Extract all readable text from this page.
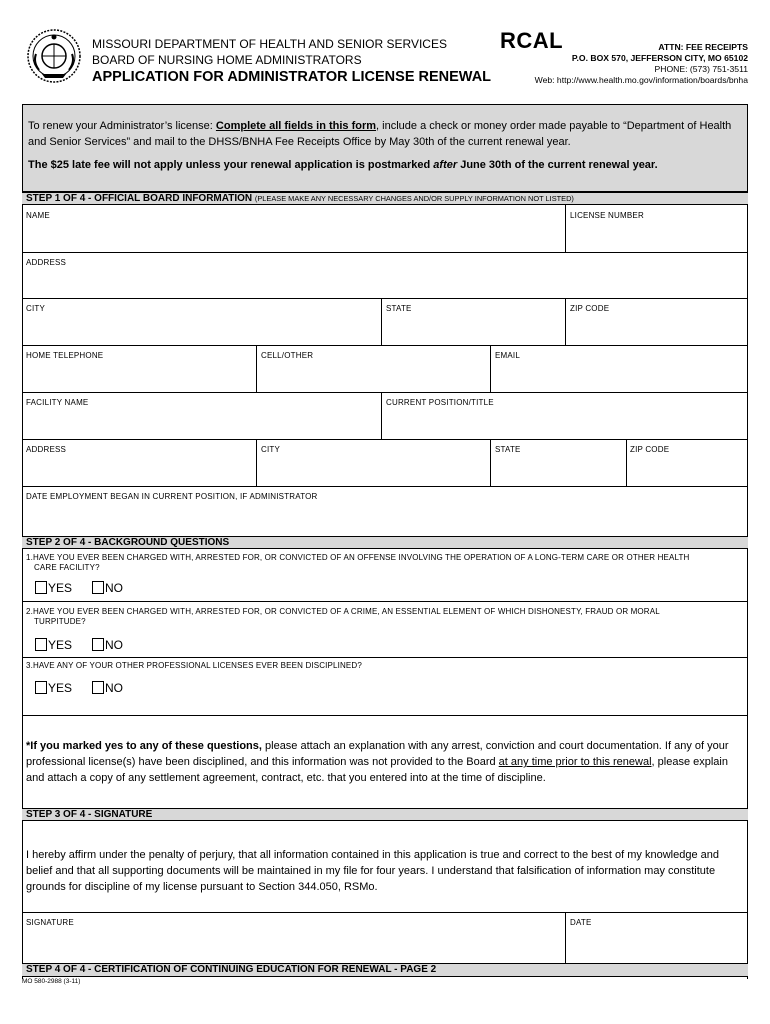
MISSOURI DEPARTMENT OF HEALTH AND SENIOR SERVICES
BOARD OF NURSING HOME ADMINISTRATORS
APPLICATION FOR ADMINISTRATOR LICENSE RENEWAL
RCAL	ATTN: FEE RECEIPTS
P.O. BOX 570, JEFFERSON CITY, MO 65102
PHONE: (573) 751-3511
Web: http://www.health.mo.gov/information/boards/bnha

To renew your Administrator’s license: Complete all fields in this form, include a check or money order made payable to “Department of Health and Senior Services” and mail to the DHSS/BNHA Fee Receipts Office by May 30th of the current renewal year.

The $25 late fee will not apply unless your renewal application is postmarked after June 30th of the current renewal year.

STEP 1 OF 4 - OFFICIAL BOARD INFORMATION (PLEASE MAKE ANY NECESSARY CHANGES AND/OR SUPPLY INFORMATION NOT LISTED)
NAME	LICENSE NUMBER
ADDRESS
CITY	STATE	ZIP CODE
HOME TELEPHONE	CELL/OTHER	EMAIL
FACILITY NAME	CURRENT POSITION/TITLE
ADDRESS	CITY	STATE	ZIP CODE
DATE EMPLOYMENT BEGAN IN CURRENT POSITION, IF ADMINISTRATOR
STEP 2 OF 4 - BACKGROUND QUESTIONS
1.HAVE YOU EVER BEEN CHARGED WITH, ARRESTED FOR, OR CONVICTED OF AN OFFENSE INVOLVING THE OPERATION OF A LONG-TERM CARE OR OTHER HEALTH
CARE FACILITY?
YES	NO
2.HAVE YOU EVER BEEN CHARGED WITH, ARRESTED FOR, OR CONVICTED OF A CRIME, AN ESSENTIAL ELEMENT OF WHICH DISHONESTY, FRAUD OR MORAL
TURPITUDE?
YES	NO
3.HAVE ANY OF YOUR OTHER PROFESSIONAL LICENSES EVER BEEN DISCIPLINED?
YES	NO
*If you marked yes to any of these questions, please attach an explanation with any arrest, conviction and court documentation. If any of your professional license(s) have been disciplined, and this information was not provided to the Board at any time prior to this renewal, please explain and attach a copy of any settlement agreement, contract, etc. that you entered into at the time of discipline.
STEP 3 OF 4 - SIGNATURE
I hereby affirm under the penalty of perjury, that all information contained in this application is true and correct to the best of my knowledge and belief and that all supporting documents will be maintained in my file for four years. I understand that falsification of information may constitute grounds for discipline of my license pursuant to Section 344.050, RSMo.
SIGNATURE	DATE
STEP 4 OF 4 - CERTIFICATION OF CONTINUING EDUCATION FOR RENEWAL - PAGE 2
MO 580-2988 (3-11)
